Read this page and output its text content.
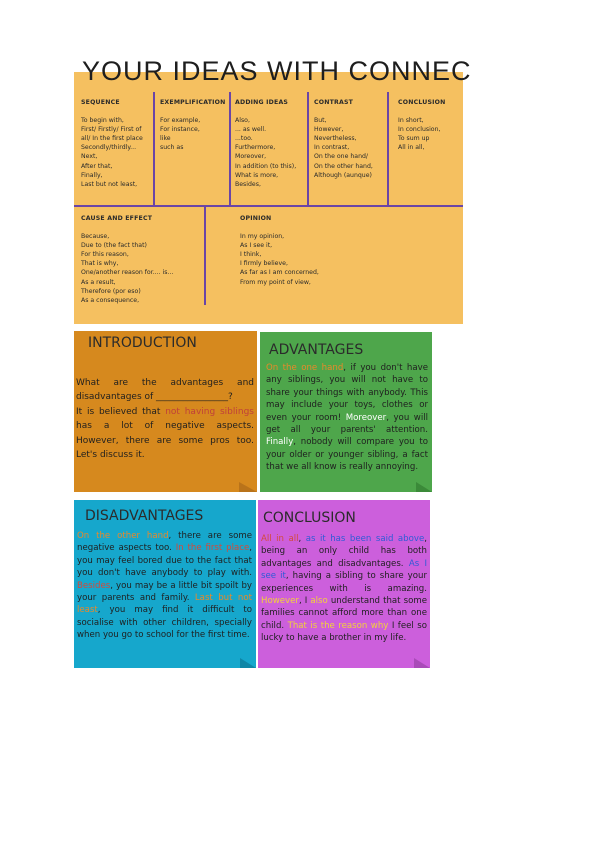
YOUR IDEAS WITH CONNEC
SEQUENCE
To begin with,
First/ Firstly/ First of
all/ In the first place
Secondly/thirdly...
Next,
After that,
Finally,
Last but not least,
EXEMPLIFICATION
For example,
For instance,
like
such as
ADDING IDEAS
Also,
... as well.
...too.
Furthermore,
Moreover,
In addition (to this),
What is more,
Besides,
CONTRAST
But,
However,
Nevertheless,
In contrast,
On the one hand/
On the other hand,
Although (aunque)
CONCLUSION
In short,
In conclusion,
To sum up
All in all,
CAUSE AND EFFECT
Because,
Due to (the fact that)
For this reason,
That is why,
One/another reason for.... is...
As a result,
Therefore (por eso)
As a consequence,
OPINION
In my opinion,
As I see it,
I think,
I firmly believe,
As far as I am concerned,
From my point of view,
INTRODUCTION
What are the advantages and disadvantages of ________________?
It is believed that not having siblings has a lot of negative aspects. However, there are some pros too. Let's discuss it.
ADVANTAGES
On the one hand, if you don't have any siblings, you will not have to share your things with anybody. This may include your toys, clothes or even your room! Moreover, you will get all your parents' attention. Finally, nobody will compare you to your older or younger sibling, a fact that we all know is really annoying.
DISADVANTAGES
On the other hand, there are some negative aspects too. In the first place, you may feel bored due to the fact that you don't have anybody to play with. Besides, you may be a little bit spoilt by your parents and family. Last but not least, you may find it difficult to socialise with other children, specially when you go to school for the first time.
CONCLUSION
All in all, as it has been said above, being an only child has both advantages and disadvantages. As I see it, having a sibling to share your experiences with is amazing. However, I also understand that some families cannot afford more than one child. That is the reason why I feel so lucky to have a brother in my life.
